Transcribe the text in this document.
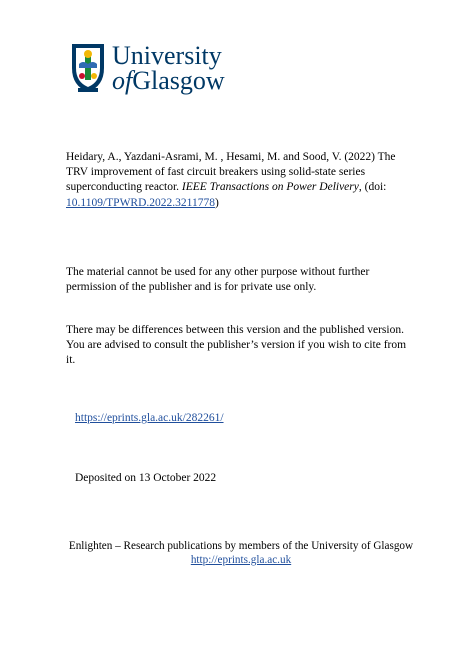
University
ofGlasgow
Heidary, A., Yazdani-Asrami, M. , Hesami, M. and Sood, V. (2022) The TRV improvement of fast circuit breakers using solid-state series superconducting reactor. IEEE Transactions on Power Delivery, (doi: 10.1109/TPWRD.2022.3211778)
The material cannot be used for any other purpose without further permission of the publisher and is for private use only.
There may be differences between this version and the published version. You are advised to consult the publisher’s version if you wish to cite from it.
https://eprints.gla.ac.uk/282261/
Deposited on 13 October 2022
Enlighten – Research publications by members of the University of Glasgow
http://eprints.gla.ac.uk
